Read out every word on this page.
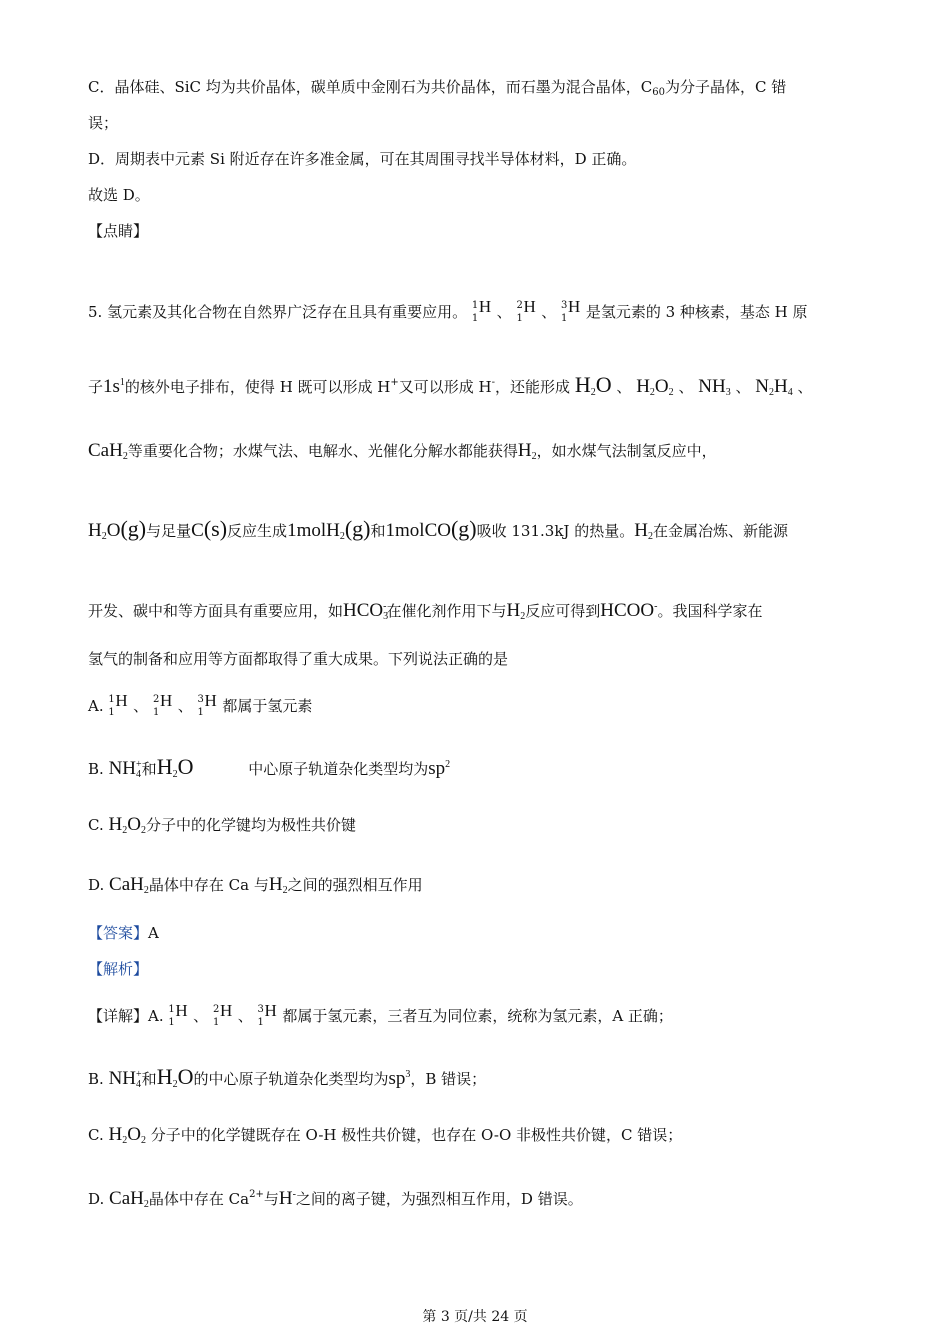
C．晶体硅、SiC 均为共价晶体，碳单质中金刚石为共价晶体，而石墨为混合晶体，$C_{60}$为分子晶体，C 错
误；
D．周期表中元素 Si 附近存在许多准金属，可在其周围寻找半导体材料，D 正确。
故选 D。
【点睛】
5. 氢元素及其化合物在自然界广泛存在且具有重要应用。 1
1
H 、 2
1
H 、 3
1
H 是氢元素的 3 种核素，基态 H 原
子$1s^1$的核外电子排布，使得 H 既可以形成 H+又可以形成 H-，还能形成 $H_2O$ 、 $H_2O_2$ 、 $NH_3$ 、 $N_2H_4$ 、
CaH$_2$等重要化合物；水煤气法、电解水、光催化分解水都能获得$H_2$，如水煤气法制氢反应中，
$H_2O(g)$与足量C(s)反应生成1molH$_2$(g)和1molCO(g)吸收 131.3kJ 的热量。$H_2$在金属冶炼、新能源
开发、碳中和等方面具有重要应用，如$HCO_3^-$在催化剂作用下与$H_2$反应可得到HCOO-。我国科学家在
氢气的制备和应用等方面都取得了重大成果。下列说法正确的是
A. 1
1
H 、 2
1
H 、 3
1
H 都属于氢元素
B. $NH_4^+$和$H_2O$	中心原子轨道杂化类型均为$sp^2$
C. $H_2O_2$分子中的化学键均为极性共价键
D. CaH$_2$晶体中存在 Ca 与$H_2$之间的强烈相互作用
【答案】A
【解析】
【详解】A. 1
1
H 、 2
1
H 、 3
1
H 都属于氢元素，三者互为同位素，统称为氢元素，A 正确；
B. $NH_4^+$和$H_2O$的中心原子轨道杂化类型均为$sp^3$，B 错误；
C. $H_2O_2$ 分子中的化学键既存在 O-H 极性共价键，也存在 O-O 非极性共价键，C 错误；
D. CaH$_2$晶体中存在 $Ca^{2+}$与H-之间的离子键，为强烈相互作用，D 错误。
第 3 页/共 24 页
